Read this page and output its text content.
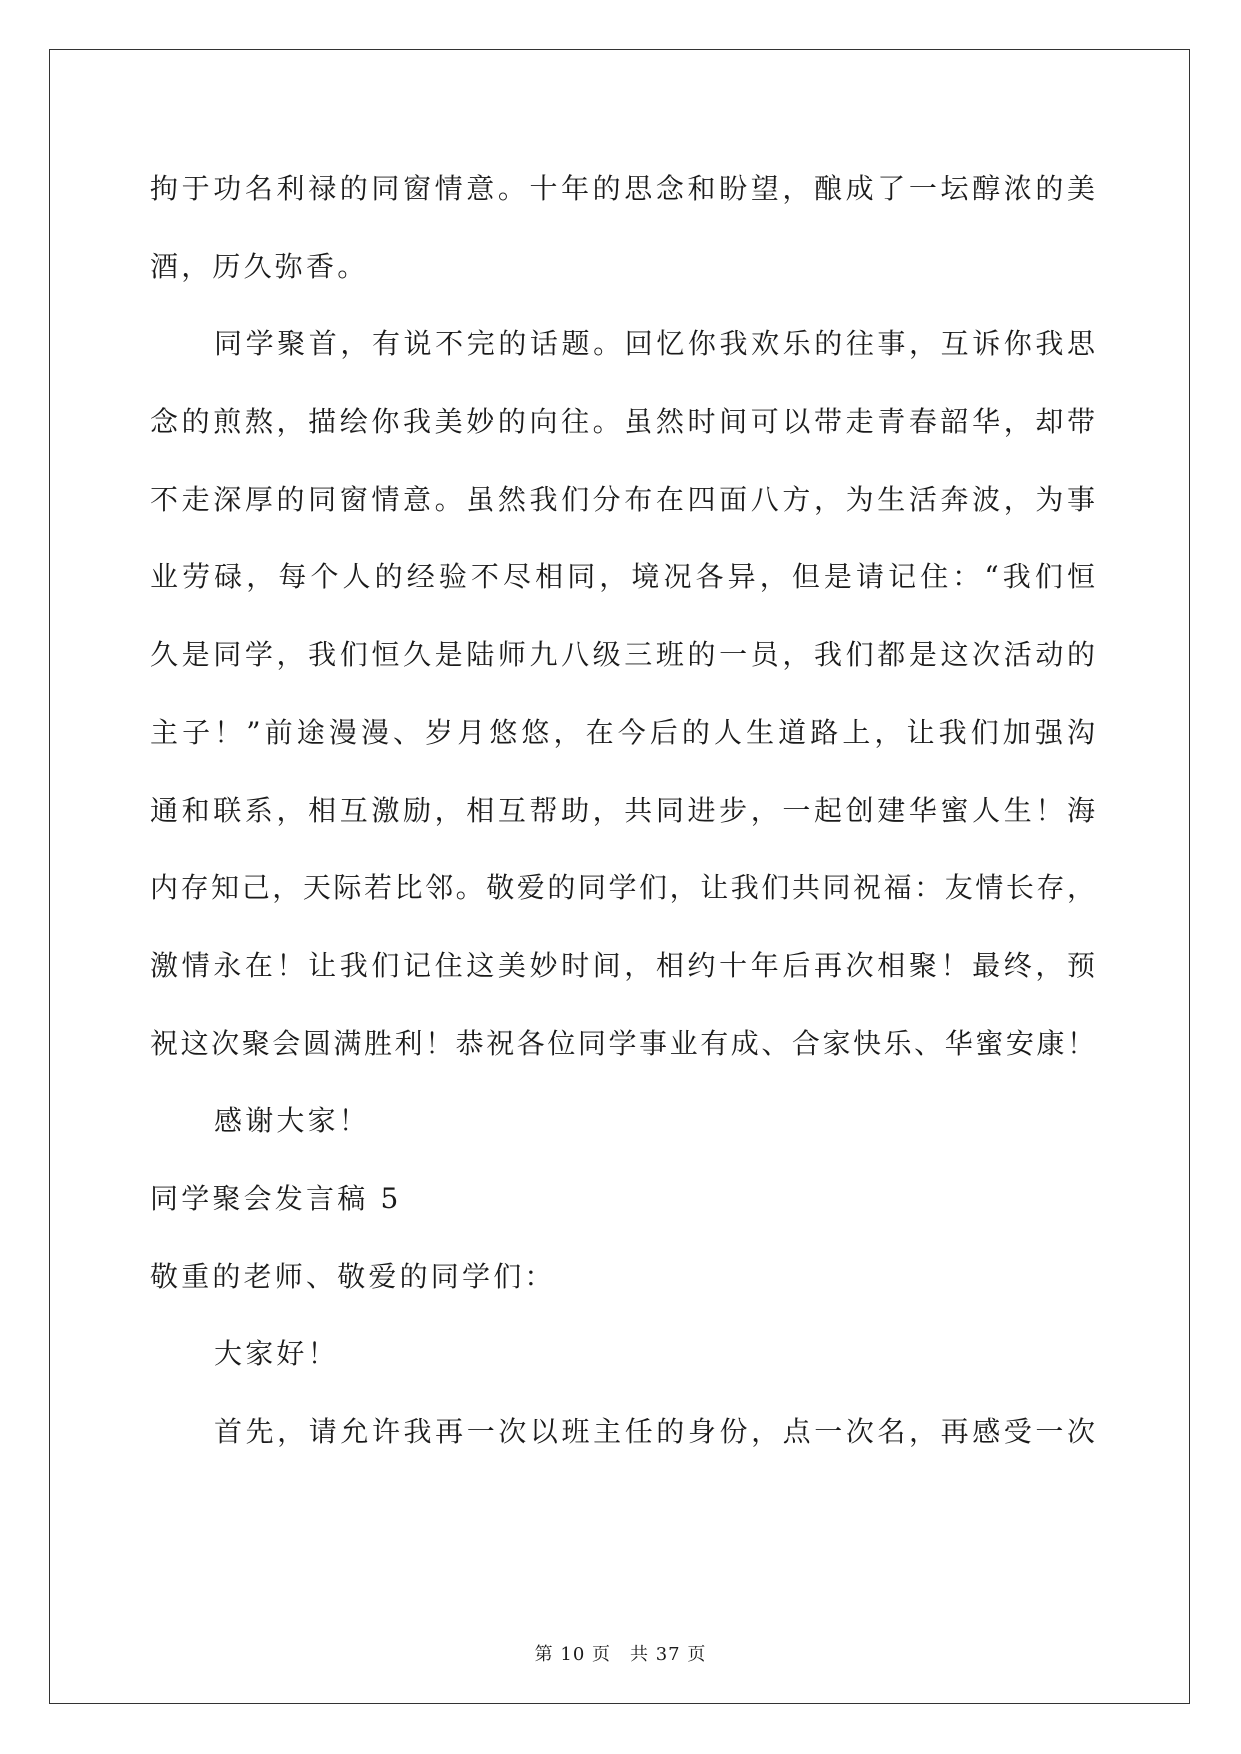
拘于功名利禄的同窗情意。十年的思念和盼望，酿成了一坛醇浓的美
酒，历久弥香。
同学聚首，有说不完的话题。回忆你我欢乐的往事，互诉你我思
念的煎熬，描绘你我美妙的向往。虽然时间可以带走青春韶华，却带
不走深厚的同窗情意。虽然我们分布在四面八方，为生活奔波，为事
业劳碌，每个人的经验不尽相同，境况各异，但是请记住：“我们恒
久是同学，我们恒久是陆师九八级三班的一员，我们都是这次活动的
主子！”前途漫漫、岁月悠悠，在今后的人生道路上，让我们加强沟
通和联系，相互激励，相互帮助，共同进步，一起创建华蜜人生！海
内存知己，天际若比邻。敬爱的同学们，让我们共同祝福：友情长存，
激情永在！让我们记住这美妙时间，相约十年后再次相聚！最终，预
祝这次聚会圆满胜利！恭祝各位同学事业有成、合家快乐、华蜜安康！
感谢大家！
同学聚会发言稿 5
敬重的老师、敬爱的同学们：
大家好！
首先，请允许我再一次以班主任的身份，点一次名，再感受一次
第 10 页　共 37 页
